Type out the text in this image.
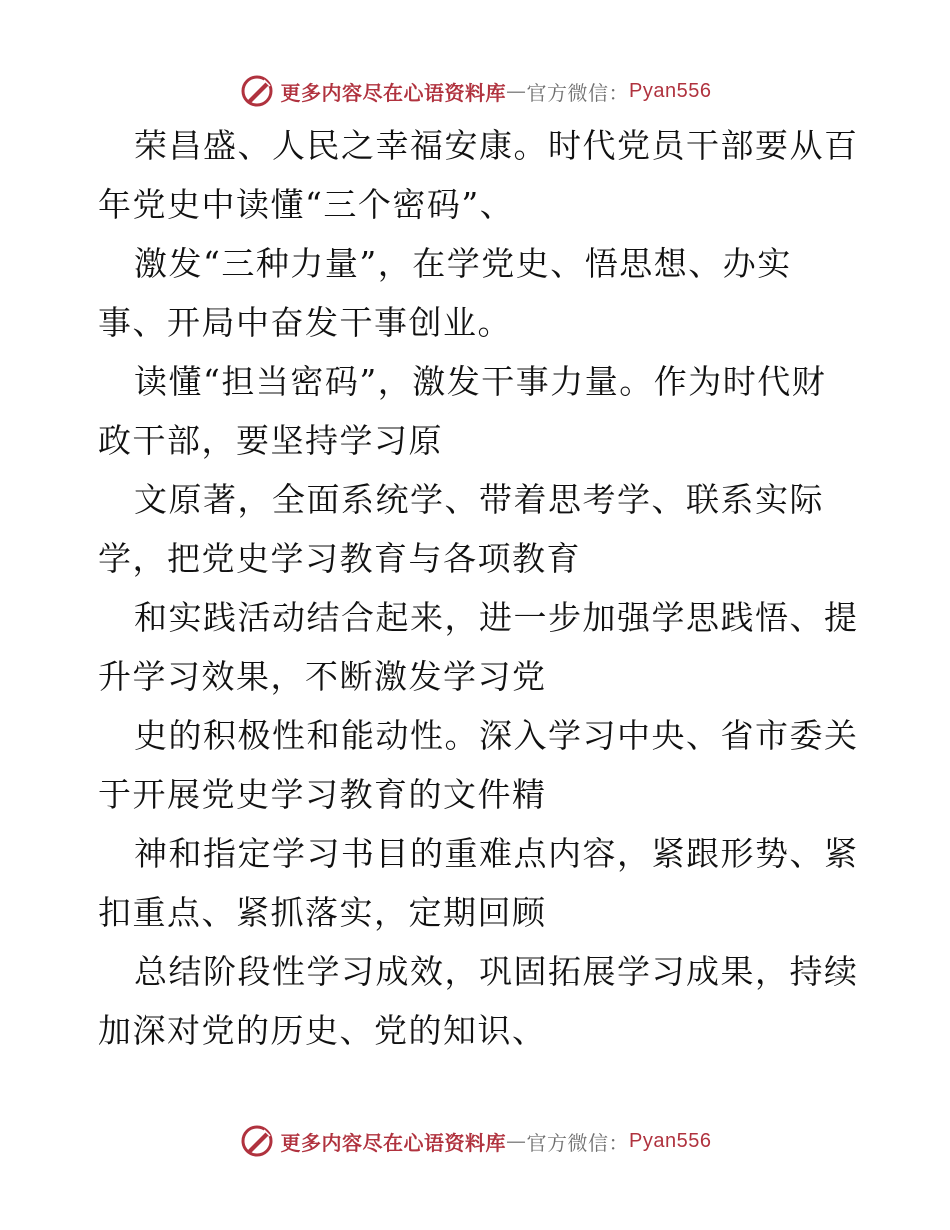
更多内容尽在心语资料库 — 官方微信： Pyan556
荣昌盛、人民之幸福安康。时代党员干部要从百
年党史中读懂“三个密码”、
激发“三种力量”，在学党史、悟思想、办实
事、开局中奋发干事创业。
读懂“担当密码”，激发干事力量。作为时代财
政干部，要坚持学习原
文原著，全面系统学、带着思考学、联系实际
学，把党史学习教育与各项教育
和实践活动结合起来，进一步加强学思践悟、提
升学习效果，不断激发学习党
史的积极性和能动性。深入学习中央、省市委关
于开展党史学习教育的文件精
神和指定学习书目的重难点内容，紧跟形势、紧
扣重点、紧抓落实，定期回顾
总结阶段性学习成效，巩固拓展学习成果，持续
加深对党的历史、党的知识、
更多内容尽在心语资料库 — 官方微信： Pyan556
